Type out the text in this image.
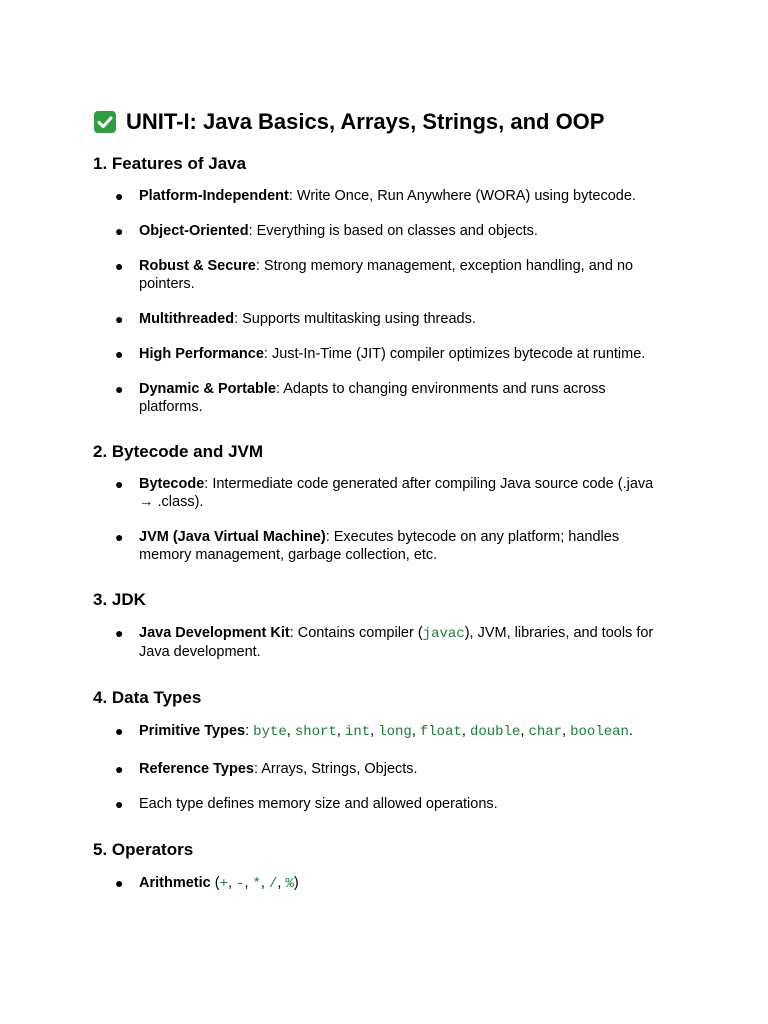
UNIT-I: Java Basics, Arrays, Strings, and OOP
1. Features of Java
● Platform-Independent: Write Once, Run Anywhere (WORA) using bytecode.
● Object-Oriented: Everything is based on classes and objects.
● Robust & Secure: Strong memory management, exception handling, and no pointers.
● Multithreaded: Supports multitasking using threads.
● High Performance: Just-In-Time (JIT) compiler optimizes bytecode at runtime.
● Dynamic & Portable: Adapts to changing environments and runs across platforms.
2. Bytecode and JVM
● Bytecode: Intermediate code generated after compiling Java source code (.java → .class).
● JVM (Java Virtual Machine): Executes bytecode on any platform; handles memory management, garbage collection, etc.
3. JDK
● Java Development Kit: Contains compiler (javac), JVM, libraries, and tools for Java development.
4. Data Types
● Primitive Types: byte, short, int, long, float, double, char, boolean.
● Reference Types: Arrays, Strings, Objects.
● Each type defines memory size and allowed operations.
5. Operators
● Arithmetic (+, -, *, /, %)
